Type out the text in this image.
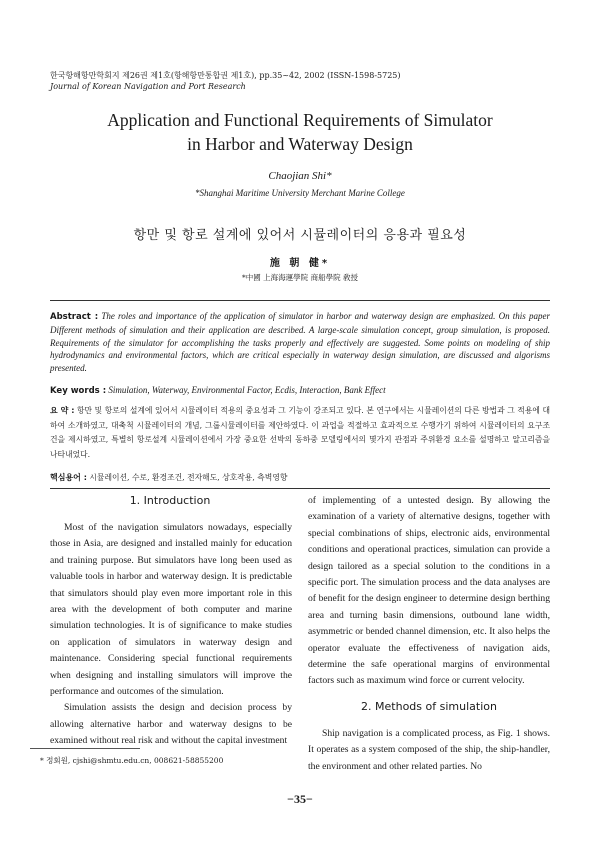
한국항해항만학회지 제26권 제1호(항해항만통합권 제1호), pp.35~42, 2002 (ISSN-1598-5725)
Journal of Korean Navigation and Port Research
Application and Functional Requirements of Simulator
in Harbor and Waterway Design
Chaojian Shi*
*Shanghai Maritime University Merchant Marine College
항만 및 항로 설계에 있어서 시뮬레이터의 응용과 필요성
施 朝 健*
*中國 上海海運學院 商船學院 敎授
Abstract : The roles and importance of the application of simulator in harbor and waterway design are emphasized. On this paper Different methods of simulation and their application are described. A large-scale simulation concept, group simulation, is proposed. Requirements of the simulator for accomplishing the tasks properly and effectively are suggested. Some points on modeling of ship hydrodynamics and environmental factors, which are critical especially in waterway design simulation, are discussed and algorisms presented.
Key words : Simulation, Waterway, Environmental Factor, Ecdis, Interaction, Bank Effect
요 약 : 항만 및 항로의 설계에 있어서 시뮬레이터 적용의 중요성과 그 기능이 강조되고 있다. 본 연구에서는 시뮬레이션의 다른 방법과 그 적용에 대하여 소개하였고, 대축척 시뮬레이터의 개념, 그룹시뮬레이터를 제안하였다. 이 과업을 적절하고 효과적으로 수행가기 위하여 시뮬레이터의 요구조건을 제시하였고, 특별히 항로설계 시뮬레이션에서 가장 중요한 선박의 동하중 모델링에서의 몇가지 관점과 주위환경 요소를 설명하고 알고리즘을 나타내었다.
핵심용어 : 시뮬레이션, 수로, 환경조건, 전자해도, 상호작용, 측벽영향
1. Introduction

Most of the navigation simulators nowadays, especially those in Asia, are designed and installed mainly for education and training purpose. But simulators have long been used as valuable tools in harbor and waterway design. It is predictable that simulators should play even more important role in this area with the development of both computer and marine simulation technologies. It is of significance to make studies on application of simulators in waterway design and maintenance. Considering special functional requirements when designing and installing simulators will improve the performance and outcomes of the simulation.

Simulation assists the design and decision process by allowing alternative harbor and waterway designs to be examined without real risk and without the capital investment

of implementing of a untested design. By allowing the examination of a variety of alternative designs, together with special combinations of ships, electronic aids, environmental conditions and operational practices, simulation can provide a design tailored as a special solution to the conditions in a specific port. The simulation process and the data analyses are of benefit for the design engineer to determine design berthing area and turning basin dimensions, outbound lane width, asymmetric or bended channel dimension, etc. It also helps the operator evaluate the effectiveness of navigation aids, determine the safe operational margins of environmental factors such as maximum wind force or current velocity.

2. Methods of simulation

Ship navigation is a complicated process, as Fig. 1 shows. It operates as a system composed of the ship, the ship-handler, the environment and other related parties. No

* 정회원, cjshi@shmtu.edu.cn, 008621-58855200
−35−
